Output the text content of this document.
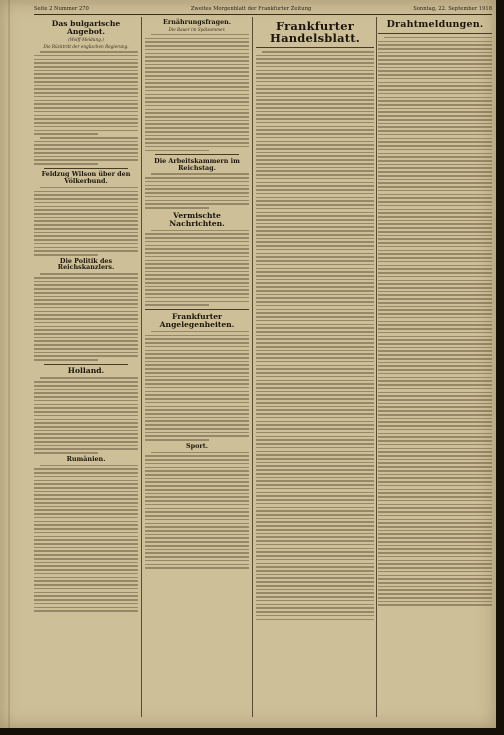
Seite 2 Nummer 270	Zweites Morgenblatt der Frankfurter Zeitung	Sonntag, 22. September 1918
Das bulgarische Angebot.
(Wolff-Meldung.)
Die Rücktritt der englischen Regierung.
Feldzug Wilson über den Völkerbund.
Die Politik des Reichskanzlers.
Holland.
Rumänien.
Ernährungsfragen.
Die Bauer im Spätsommer.
Die Arbeitskammern im Reichstag.
Vermischte Nachrichten.
Frankfurter Angelegenheiten.
Sport.
Frankfurter Handelsblatt.
Drahtmeldungen.
